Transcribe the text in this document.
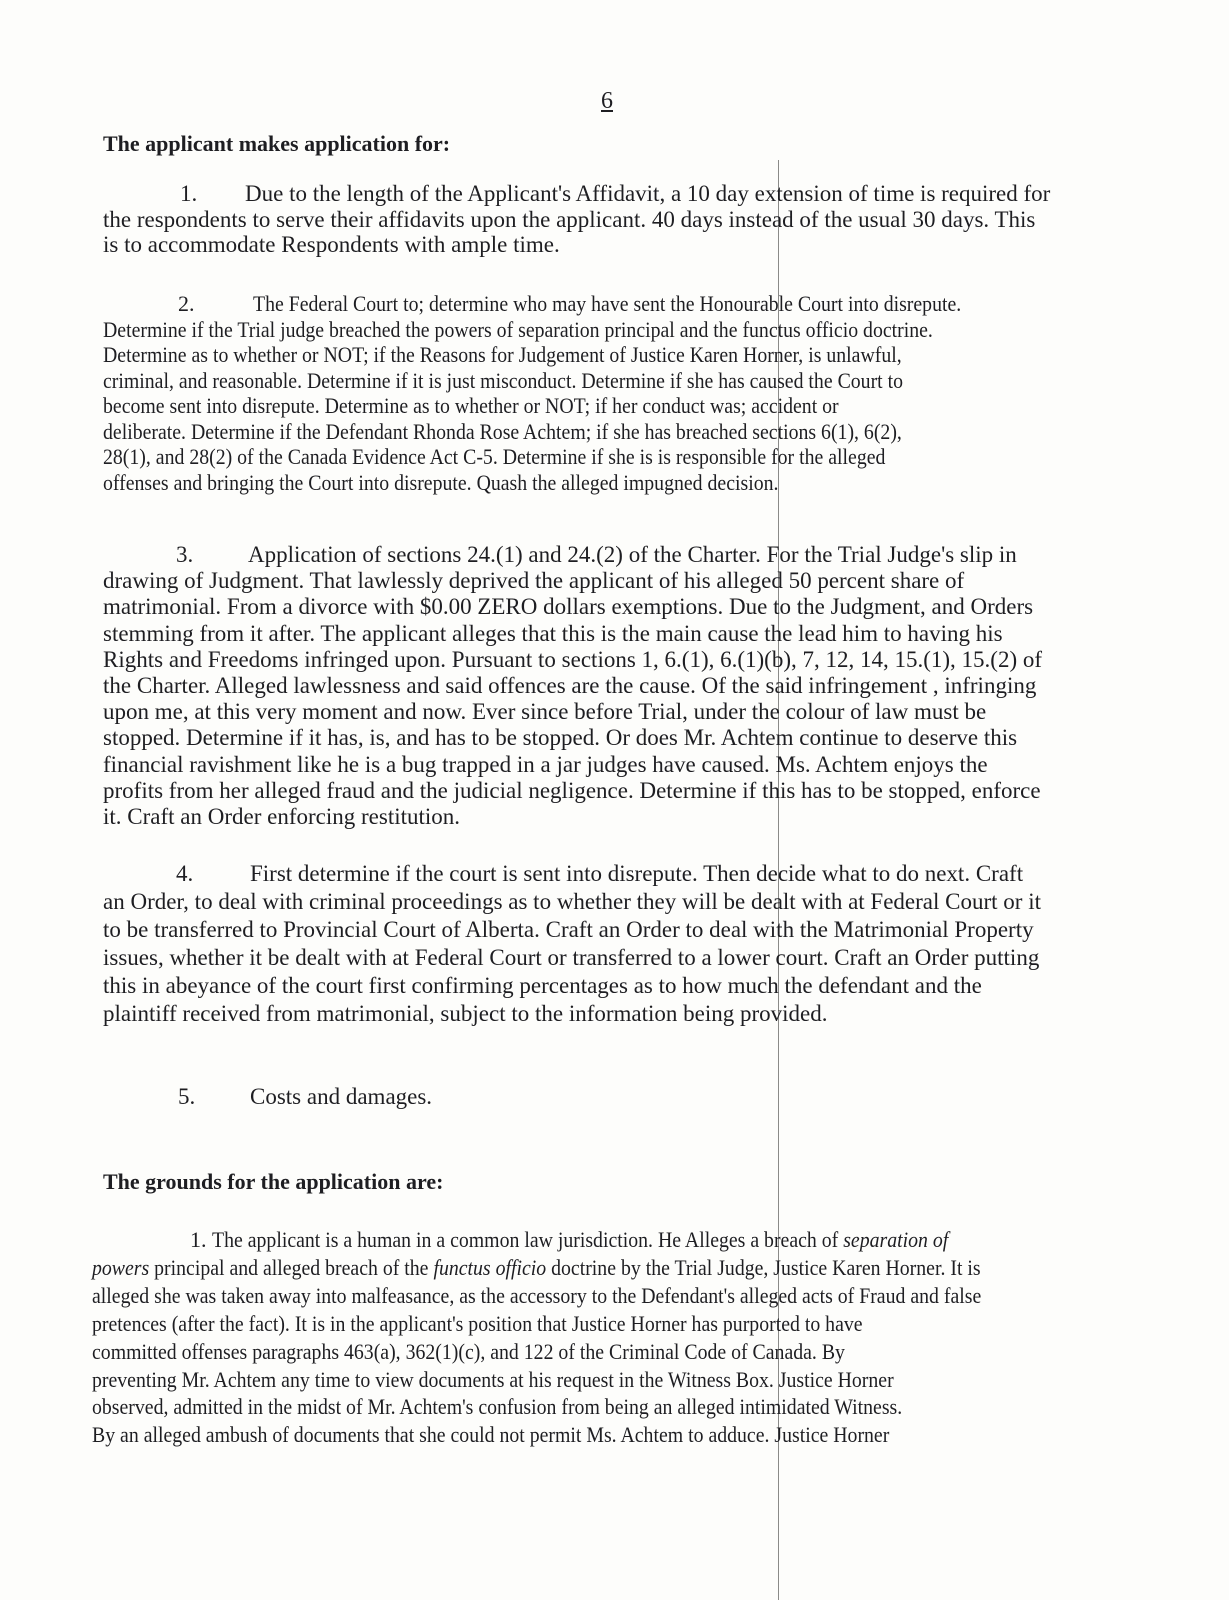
6
The applicant makes application for:
The grounds for the application are:
1. Due to the length of the Applicant's Affidavit, a 10 day extension of time is required for
the respondents to serve their affidavits upon the applicant. 40 days instead of the usual 30 days. This
is to accommodate Respondents with ample time.
2.	The Federal Court to; determine who may have sent the Honourable Court into disrepute.
Determine if the Trial judge breached the powers of separation principal and the functus officio doctrine.
Determine as to whether or NOT; if the Reasons for Judgement of Justice Karen Horner, is unlawful,
criminal, and reasonable. Determine if it is just misconduct. Determine if she has caused the Court to
become sent into disrepute. Determine as to whether or NOT; if her conduct was; accident or
deliberate. Determine if the Defendant Rhonda Rose Achtem; if she has breached sections 6(1), 6(2),
28(1), and 28(2) of the Canada Evidence Act C-5. Determine if she is is responsible for the alleged
offenses and bringing the Court into disrepute. Quash the alleged impugned decision.
3. Application of sections 24.(1) and 24.(2) of the Charter. For the Trial Judge's slip in
drawing of Judgment. That lawlessly deprived the applicant of his alleged 50 percent share of
matrimonial. From a divorce with $0.00 ZERO dollars exemptions. Due to the Judgment, and Orders
stemming from it after. The applicant alleges that this is the main cause the lead him to having his
Rights and Freedoms infringed upon. Pursuant to sections 1, 6.(1), 6.(1)(b), 7, 12, 14, 15.(1), 15.(2) of
the Charter. Alleged lawlessness and said offences are the cause. Of the said infringement , infringing
upon me, at this very moment and now. Ever since before Trial, under the colour of law must be
stopped. Determine if it has, is, and has to be stopped. Or does Mr. Achtem continue to deserve this
financial ravishment like he is a bug trapped in a jar judges have caused. Ms. Achtem enjoys the
profits from her alleged fraud and the judicial negligence. Determine if this has to be stopped, enforce
it. Craft an Order enforcing restitution.
4. First determine if the court is sent into disrepute. Then decide what to do next. Craft
an Order, to deal with criminal proceedings as to whether they will be dealt with at Federal Court or it
to be transferred to Provincial Court of Alberta. Craft an Order to deal with the Matrimonial Property
issues, whether it be dealt with at Federal Court or transferred to a lower court. Craft an Order putting
this in abeyance of the court first confirming percentages as to how much the defendant and the
plaintiff received from matrimonial, subject to the information being provided.
5. Costs and damages.
1. The applicant is a human in a common law jurisdiction. He Alleges a breach of separation of
powers principal and alleged breach of the functus officio doctrine by the Trial Judge, Justice Karen Horner. It is
alleged she was taken away into malfeasance, as the accessory to the Defendant's alleged acts of Fraud and false
pretences (after the fact). It is in the applicant's position that Justice Horner has purported to have
committed offenses paragraphs 463(a), 362(1)(c), and 122 of the Criminal Code of Canada. By
preventing Mr. Achtem any time to view documents at his request in the Witness Box. Justice Horner
observed, admitted in the midst of Mr. Achtem's confusion from being an alleged intimidated Witness.
By an alleged ambush of documents that she could not permit Ms. Achtem to adduce. Justice Horner
